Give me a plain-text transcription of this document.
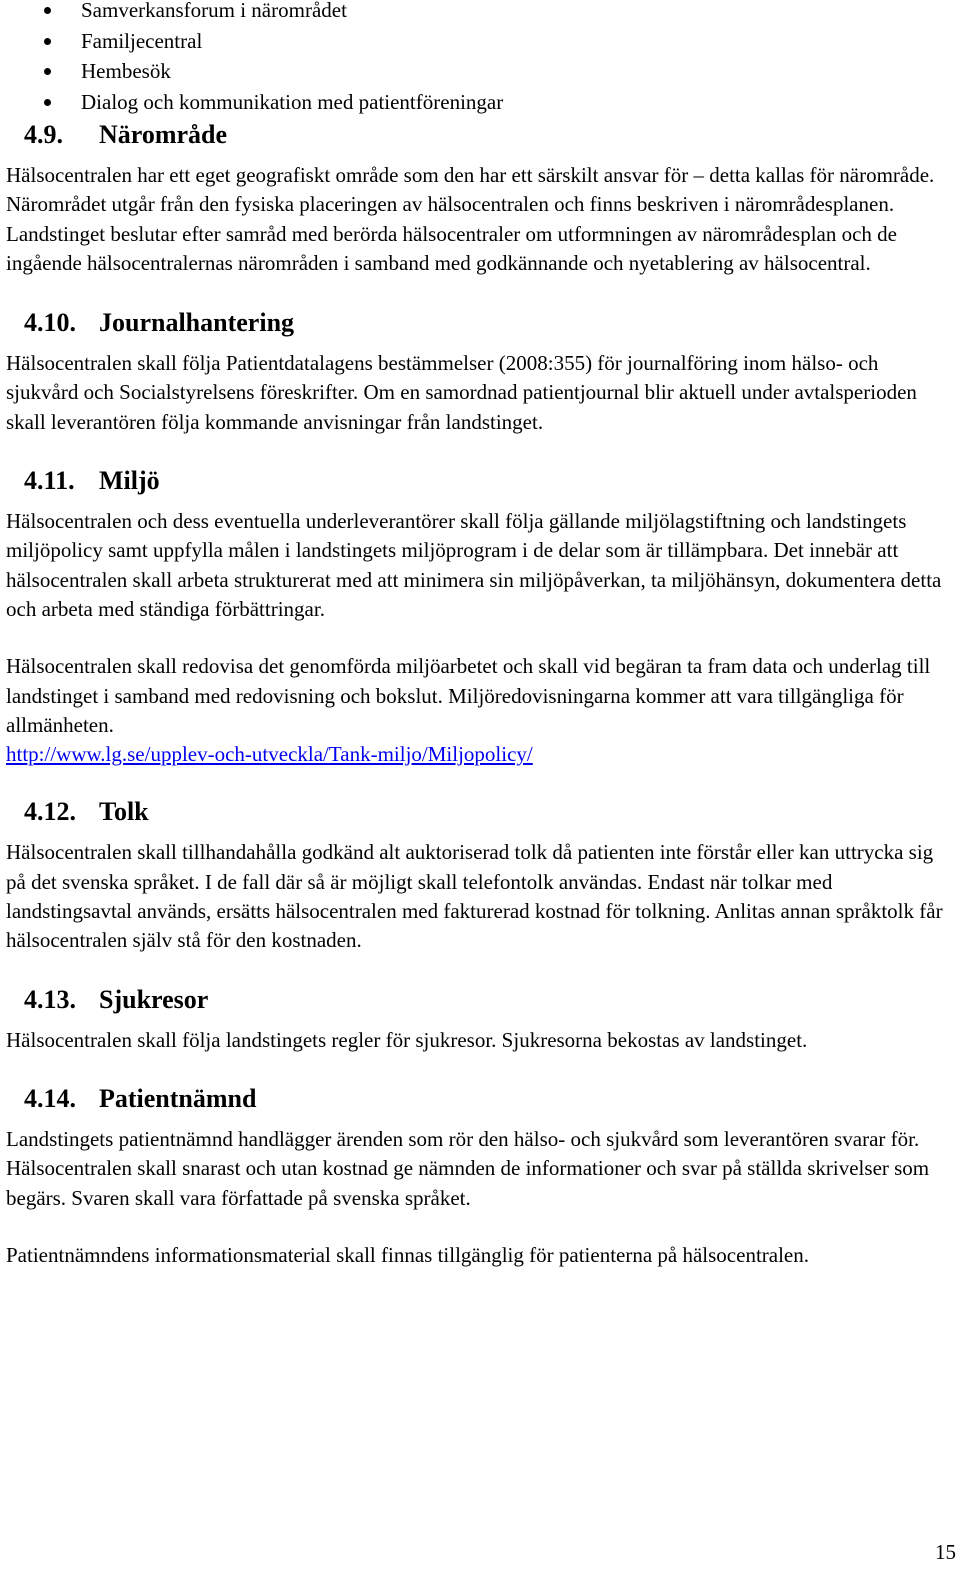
Samverkansforum i närområdet
Familjecentral
Hembesök
Dialog och kommunikation med patientföreningar
4.9. Närområde

Hälsocentralen har ett eget geografiskt område som den har ett särskilt ansvar för – detta kallas för närområde. Närområdet utgår från den fysiska placeringen av hälsocentralen och finns beskriven i närområdesplanen. Landstinget beslutar efter samråd med berörda hälsocentraler om utformningen av närområdesplan och de ingående hälsocentralernas närområden i samband med godkännande och nyetablering av hälsocentral.

4.10. Journalhantering

Hälsocentralen skall följa Patientdatalagens bestämmelser (2008:355) för journalföring inom hälso- och sjukvård och Socialstyrelsens föreskrifter. Om en samordnad patientjournal blir aktuell under avtalsperioden skall leverantören följa kommande anvisningar från landstinget.

4.11. Miljö

Hälsocentralen och dess eventuella underleverantörer skall följa gällande miljölagstiftning och landstingets miljöpolicy samt uppfylla målen i landstingets miljöprogram i de delar som är tillämpbara. Det innebär att hälsocentralen skall arbeta strukturerat med att minimera sin miljöpåverkan, ta miljöhänsyn, dokumentera detta och arbeta med ständiga förbättringar.

Hälsocentralen skall redovisa det genomförda miljöarbetet och skall vid begäran ta fram data och underlag till landstinget i samband med redovisning och bokslut. Miljöredovisningarna kommer att vara tillgängliga för allmänheten.

http://www.lg.se/upplev-och-utveckla/Tank-miljo/Miljopolicy/

4.12. Tolk

Hälsocentralen skall tillhandahålla godkänd alt auktoriserad tolk då patienten inte förstår eller kan uttrycka sig på det svenska språket. I de fall där så är möjligt skall telefontolk användas. Endast när tolkar med landstingsavtal används, ersätts hälsocentralen med fakturerad kostnad för tolkning. Anlitas annan språktolk får hälsocentralen själv stå för den kostnaden.

4.13. Sjukresor

Hälsocentralen skall följa landstingets regler för sjukresor. Sjukresorna bekostas av landstinget.

4.14. Patientnämnd

Landstingets patientnämnd handlägger ärenden som rör den hälso- och sjukvård som leverantören svarar för. Hälsocentralen skall snarast och utan kostnad ge nämnden de informationer och svar på ställda skrivelser som begärs. Svaren skall vara författade på svenska språket.

Patientnämndens informationsmaterial skall finnas tillgänglig för patienterna på hälsocentralen.

15
